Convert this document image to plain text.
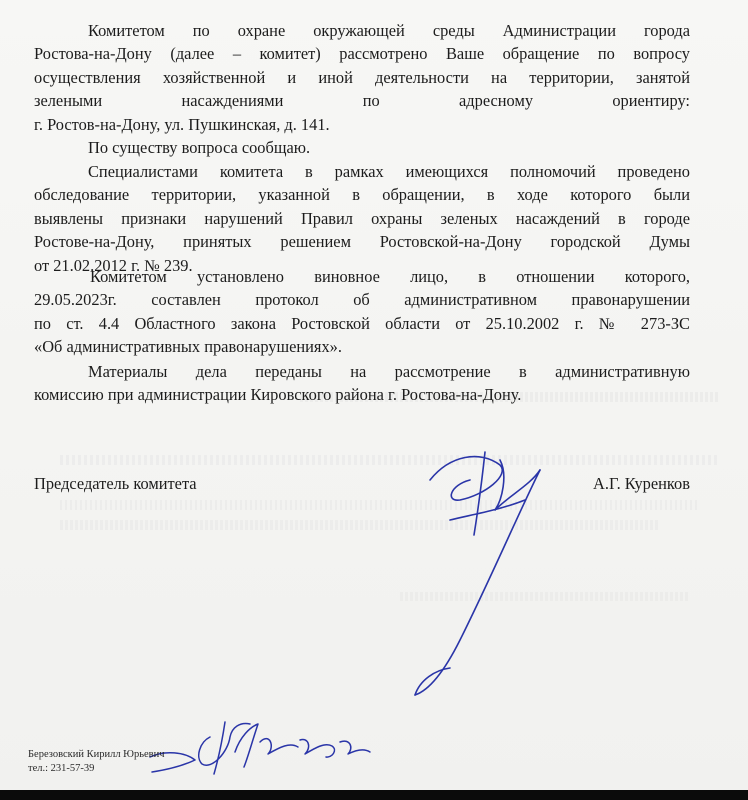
Комитетом по охране окружающей среды Администрации города
Ростова-на-Дону (далее – комитет) рассмотрено Ваше обращение по вопросу
осуществления хозяйственной и иной деятельности на территории, занятой
зелеными насаждениями по адресному ориентиру:
г. Ростов-на-Дону, ул. Пушкинская, д. 141.
По существу вопроса сообщаю.
Специалистами комитета в рамках имеющихся полномочий проведено
обследование территории, указанной в обращении, в ходе которого были
выявлены признаки нарушений Правил охраны зеленых насаждений в городе
Ростове-на-Дону, принятых решением Ростовской-на-Дону городской Думы
от 21.02.2012 г. № 239.
Комитетом установлено виновное лицо, в отношении которого,
29.05.2023г. составлен протокол об административном правонарушении
по ст. 4.4 Областного закона Ростовской области от 25.10.2002 г. № 273-ЗС
«Об административных правонарушениях».
Материалы дела переданы на рассмотрение в административную
комиссию при администрации Кировского района г. Ростова-на-Дону.
Председатель комитета	А.Г. Куренков
Березовский Кирилл Юрьевич
тел.: 231-57-39
